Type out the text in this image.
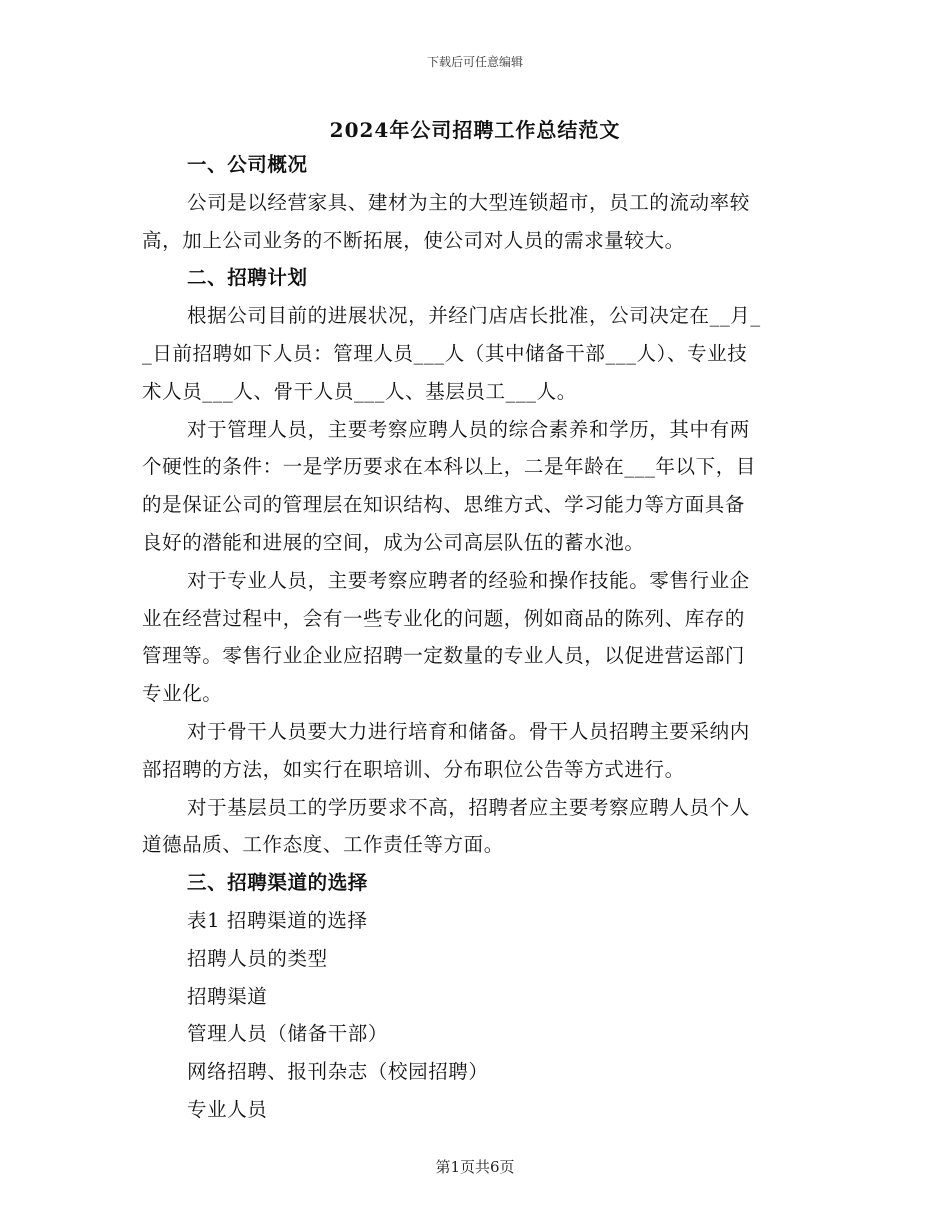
下载后可任意编辑
2024年公司招聘工作总结范文
一、公司概况
公司是以经营家具、建材为主的大型连锁超市，员工的流动率较
高，加上公司业务的不断拓展，使公司对人员的需求量较大。
二、招聘计划
根据公司目前的进展状况，并经门店店长批准，公司决定在__月_
_日前招聘如下人员：管理人员___人（其中储备干部___人）、专业技
术人员___人、骨干人员___人、基层员工___人。
对于管理人员，主要考察应聘人员的综合素养和学历，其中有两
个硬性的条件：一是学历要求在本科以上，二是年龄在___年以下，目
的是保证公司的管理层在知识结构、思维方式、学习能力等方面具备
良好的潜能和进展的空间，成为公司高层队伍的蓄水池。
对于专业人员，主要考察应聘者的经验和操作技能。零售行业企
业在经营过程中，会有一些专业化的问题，例如商品的陈列、库存的
管理等。零售行业企业应招聘一定数量的专业人员，以促进营运部门
专业化。
对于骨干人员要大力进行培育和储备。骨干人员招聘主要采纳内
部招聘的方法，如实行在职培训、分布职位公告等方式进行。
对于基层员工的学历要求不高，招聘者应主要考察应聘人员个人
道德品质、工作态度、工作责任等方面。
三、招聘渠道的选择
表1 招聘渠道的选择
招聘人员的类型
招聘渠道
管理人员（储备干部）
网络招聘、报刊杂志（校园招聘）
专业人员
第1页共6页
